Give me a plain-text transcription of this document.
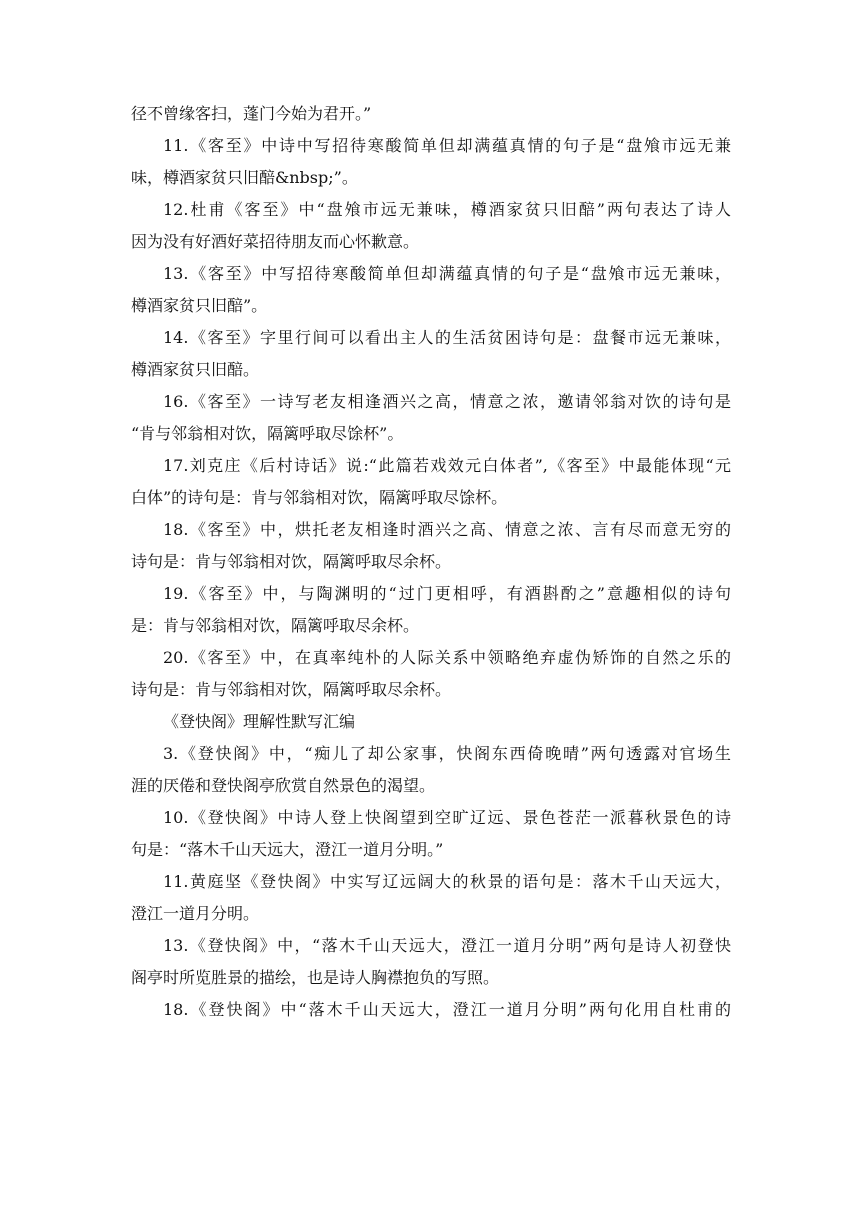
径不曾缘客扫，蓬门今始为君开。”
11.《客至》中诗中写招待寒酸简单但却满蕴真情的句子是“盘飧市远无兼
味，樽酒家贫只旧醅&nbsp;”。
12.杜甫《客至》中“盘飧市远无兼味，樽酒家贫只旧醅”两句表达了诗人
因为没有好酒好菜招待朋友而心怀歉意。
13.《客至》中写招待寒酸简单但却满蕴真情的句子是“盘飧市远无兼味，
樽酒家贫只旧醅”。
14.《客至》字里行间可以看出主人的生活贫困诗句是：盘餐市远无兼味，
樽酒家贫只旧醅。
16.《客至》一诗写老友相逢酒兴之高，情意之浓，邀请邻翁对饮的诗句是
“肯与邻翁相对饮，隔篱呼取尽馀杯”。
17.刘克庄《后村诗话》说:“此篇若戏效元白体者”,《客至》中最能体现“元
白体”的诗句是：肯与邻翁相对饮，隔篱呼取尽馀杯。
18.《客至》中，烘托老友相逢时酒兴之高、情意之浓、言有尽而意无穷的
诗句是：肯与邻翁相对饮，隔篱呼取尽余杯。
19.《客至》中，与陶渊明的“过门更相呼，有酒斟酌之”意趣相似的诗句
是：肯与邻翁相对饮，隔篱呼取尽余杯。
20.《客至》中，在真率纯朴的人际关系中领略绝弃虚伪矫饰的自然之乐的
诗句是：肯与邻翁相对饮，隔篱呼取尽余杯。
《登快阁》理解性默写汇编
3.《登快阁》中，“痴儿了却公家事，快阁东西倚晚晴”两句透露对官场生
涯的厌倦和登快阁亭欣赏自然景色的渴望。
10.《登快阁》中诗人登上快阁望到空旷辽远、景色苍茫一派暮秋景色的诗
句是：“落木千山天远大，澄江一道月分明。”
11.黄庭坚《登快阁》中实写辽远阔大的秋景的语句是：落木千山天远大，
澄江一道月分明。
13.《登快阁》中，“落木千山天远大，澄江一道月分明”两句是诗人初登快
阁亭时所览胜景的描绘，也是诗人胸襟抱负的写照。
18.《登快阁》中“落木千山天远大，澄江一道月分明”两句化用自杜甫的
